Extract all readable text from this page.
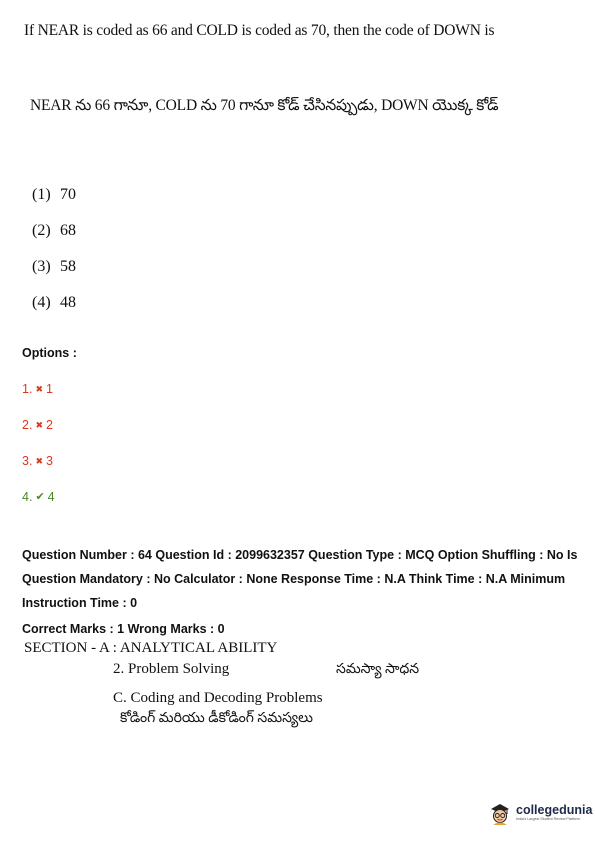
If NEAR is coded as 66 and COLD is coded as 70, then the code of DOWN is
NEAR ను 66 గానూ, COLD ను 70 గానూ కోడ్ చేసినప్పుడు, DOWN యొక్క కోడ్
(1) 70
(2) 68
(3) 58
(4) 48
Options :
1. ✖ 1
2. ✖ 2
3. ✖ 3
4. ✔ 4
Question Number : 64 Question Id : 2099632357 Question Type : MCQ Option Shuffling : No Is
Question Mandatory : No Calculator : None Response Time : N.A Think Time : N.A Minimum
Instruction Time : 0
Correct Marks : 1 Wrong Marks : 0
SECTION - A : ANALYTICAL ABILITY
2. Problem Solving	సమస్యా సాధన
C. Coding and Decoding Problems
కోడింగ్ మరియు డీకోడింగ్ సమస్యలు
collegedunia
India's Largest Student Review Platform
